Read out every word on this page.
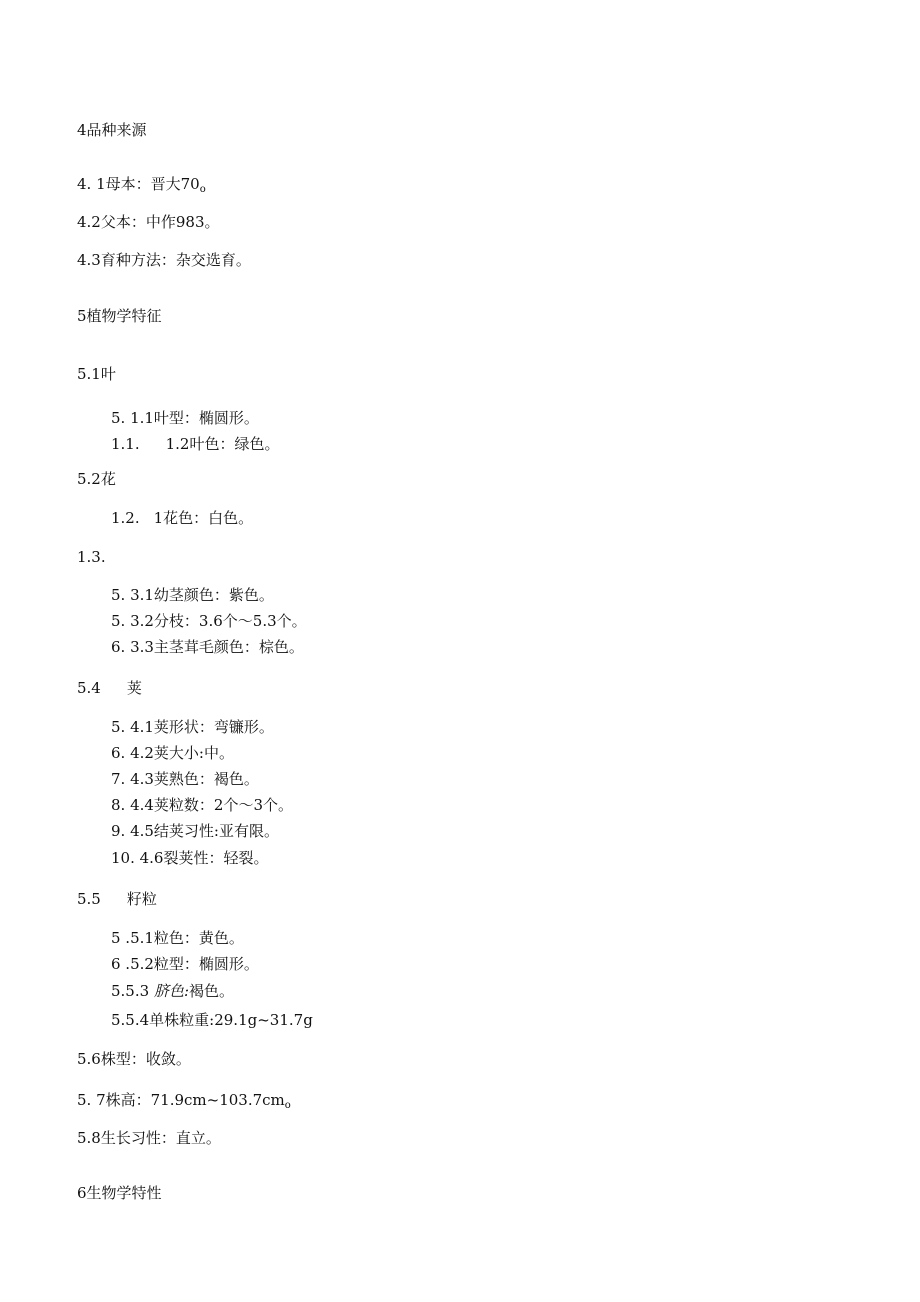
4品种来源
4. 1母本：晋大$70_o$
4.2父本：中作983。
4.3育种方法：杂交选育。
5植物学特征
5.1叶
5. 1.1叶型：椭圆形。
1.1. 1.2叶色：绿色。
5.2花
1.2. 1花色：白色。
1.3.
5. 3.1幼茎颜色：紫色。
5. 3.2分枝：3.6个～5.3个。
6. 3.3主茎茸毛颜色：棕色。
5.4 荚
5. 4.1荚形状：弯镰形。
6. 4.2荚大小:中。
7. 4.3荚熟色：褐色。
8. 4.4荚粒数：2个～3个。
9. 4.5结荚习性:亚有限。
10. 4.6裂荚性：轻裂。
5.5 籽粒
5 .5.1粒色：黄色。
6 .5.2粒型：椭圆形。
5.5.3 脐色:褐色。
5.5.4单株粒重:29.1g~31.7g
5.6株型：收敛。
5. 7株高：$71.9cm\sim 103.7cm_o$
5.8生长习性：直立。
6生物学特性
